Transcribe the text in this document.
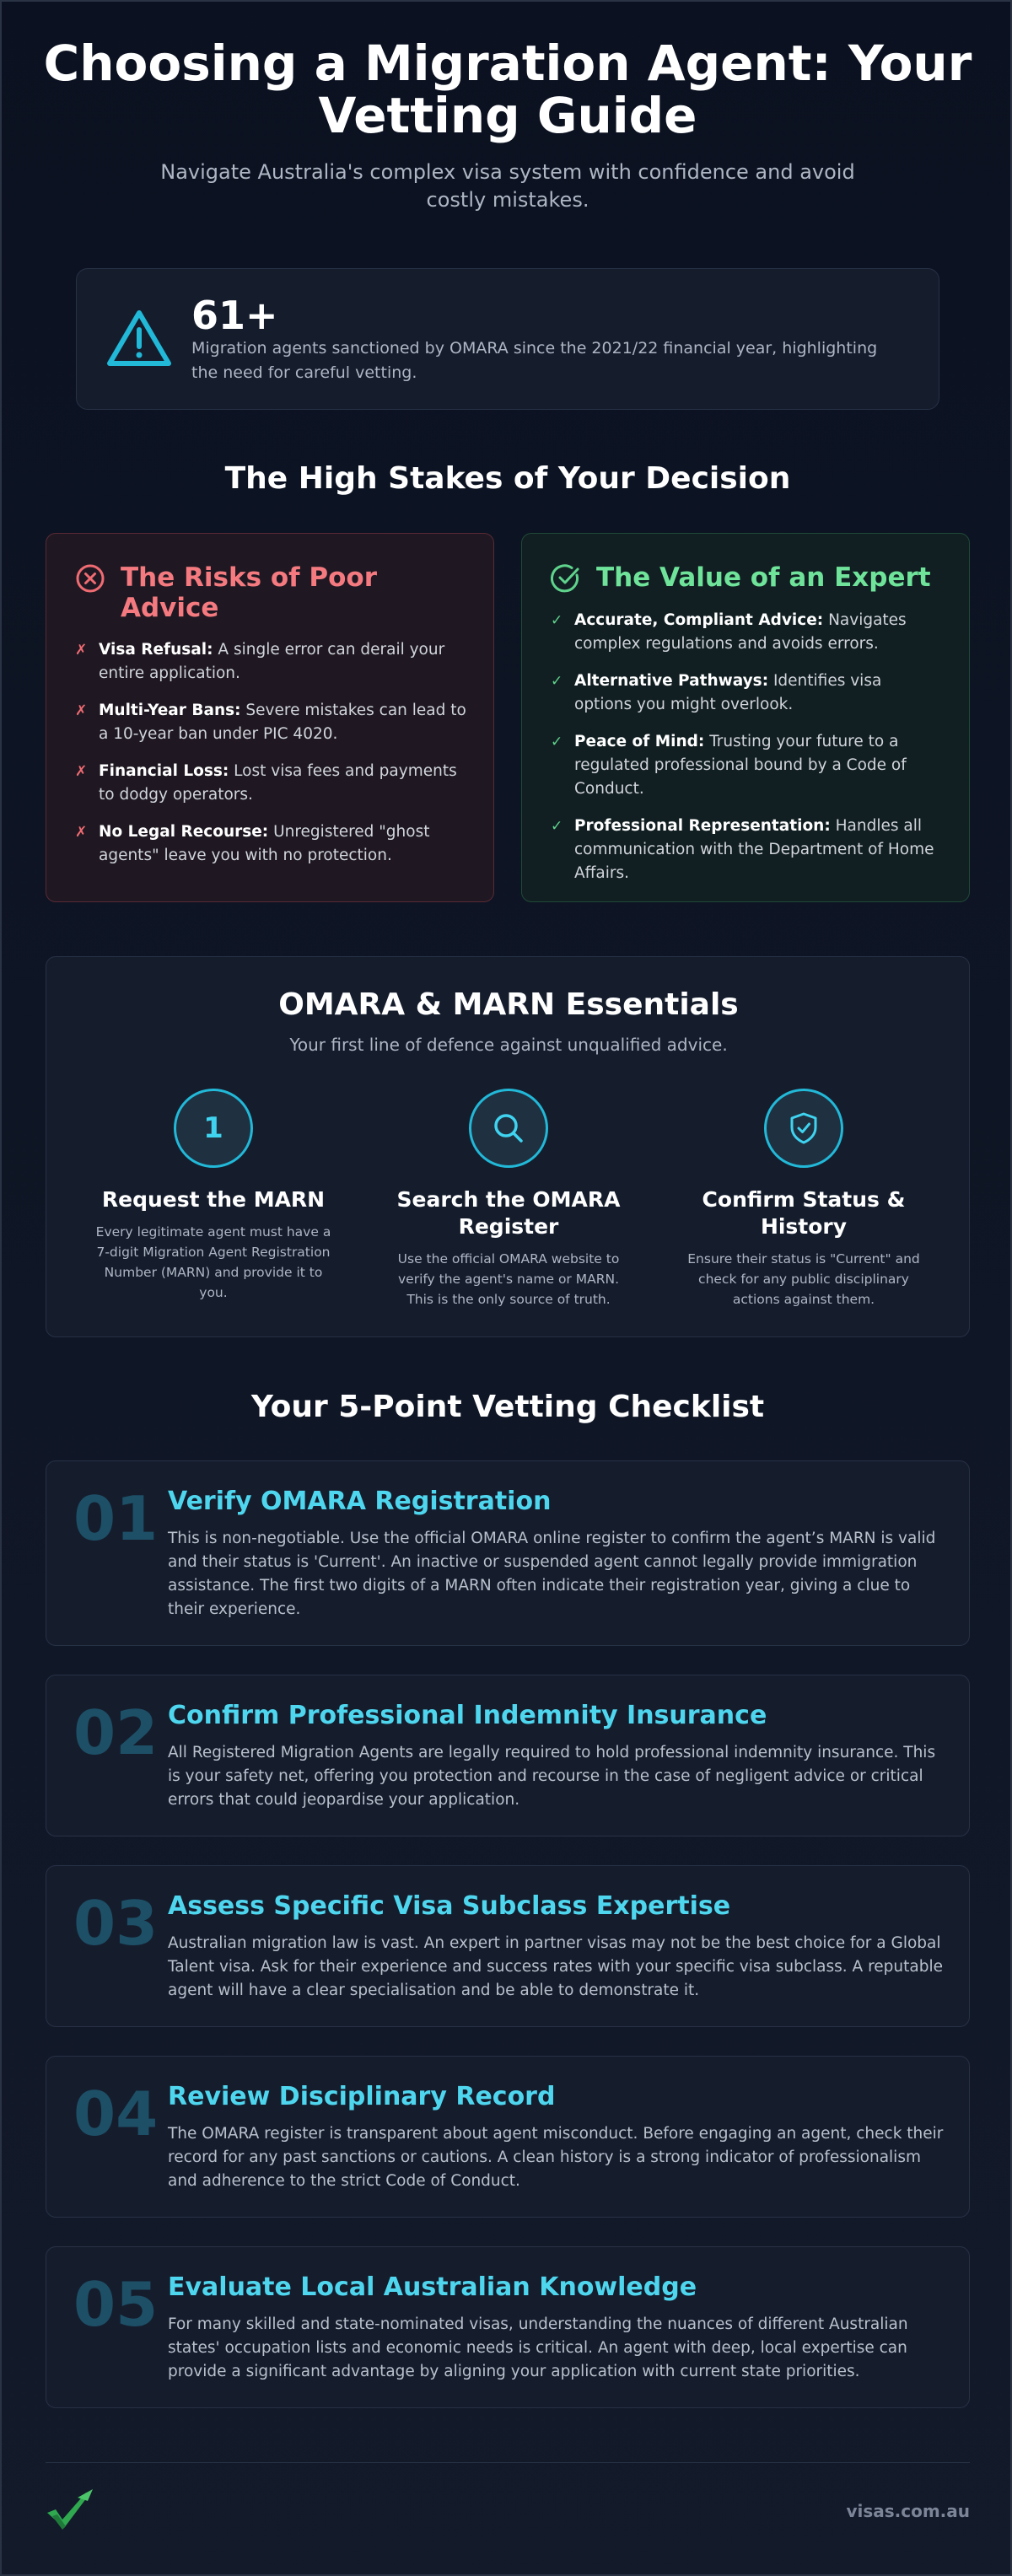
Choosing a Migration Agent: Your Vetting Guide

Navigate Australia's complex visa system with confidence and avoid costly mistakes.

61+
Migration agents sanctioned by OMARA since the 2021/22 financial year, highlighting the need for careful vetting.
The High Stakes of Your Decision
The Risks of Poor Advice
✗ Visa Refusal: A single error can derail your entire application.
✗ Multi-Year Bans: Severe mistakes can lead to a 10-year ban under PIC 4020.
✗ Financial Loss: Lost visa fees and payments to dodgy operators.
✗ No Legal Recourse: Unregistered "ghost agents" leave you with no protection.
The Value of an Expert
✓ Accurate, Compliant Advice: Navigates complex regulations and avoids errors.
✓ Alternative Pathways: Identifies visa options you might overlook.
✓ Peace of Mind: Trusting your future to a regulated professional bound by a Code of Conduct.
✓ Professional Representation: Handles all communication with the Department of Home Affairs.
OMARA & MARN Essentials
Your first line of defence against unqualified advice.
1
Request the MARN
Every legitimate agent must have a 7-digit Migration Agent Registration Number (MARN) and provide it to you.
Search the OMARA Register
Use the official OMARA website to verify the agent's name or MARN. This is the only source of truth.
Confirm Status & History
Ensure their status is "Current" and check for any public disciplinary actions against them.
Your 5-Point Vetting Checklist
01 Verify OMARA Registration
This is non-negotiable. Use the official OMARA online register to confirm the agent’s MARN is valid and their status is 'Current'. An inactive or suspended agent cannot legally provide immigration assistance. The first two digits of a MARN often indicate their registration year, giving a clue to their experience.
02 Confirm Professional Indemnity Insurance
All Registered Migration Agents are legally required to hold professional indemnity insurance. This is your safety net, offering you protection and recourse in the case of negligent advice or critical errors that could jeopardise your application.
03 Assess Specific Visa Subclass Expertise
Australian migration law is vast. An expert in partner visas may not be the best choice for a Global Talent visa. Ask for their experience and success rates with your specific visa subclass. A reputable agent will have a clear specialisation and be able to demonstrate it.
04 Review Disciplinary Record
The OMARA register is transparent about agent misconduct. Before engaging an agent, check their record for any past sanctions or cautions. A clean history is a strong indicator of professionalism and adherence to the strict Code of Conduct.
05 Evaluate Local Australian Knowledge
For many skilled and state-nominated visas, understanding the nuances of different Australian states' occupation lists and economic needs is critical. An agent with deep, local expertise can provide a significant advantage by aligning your application with current state priorities.
visas.com.au
